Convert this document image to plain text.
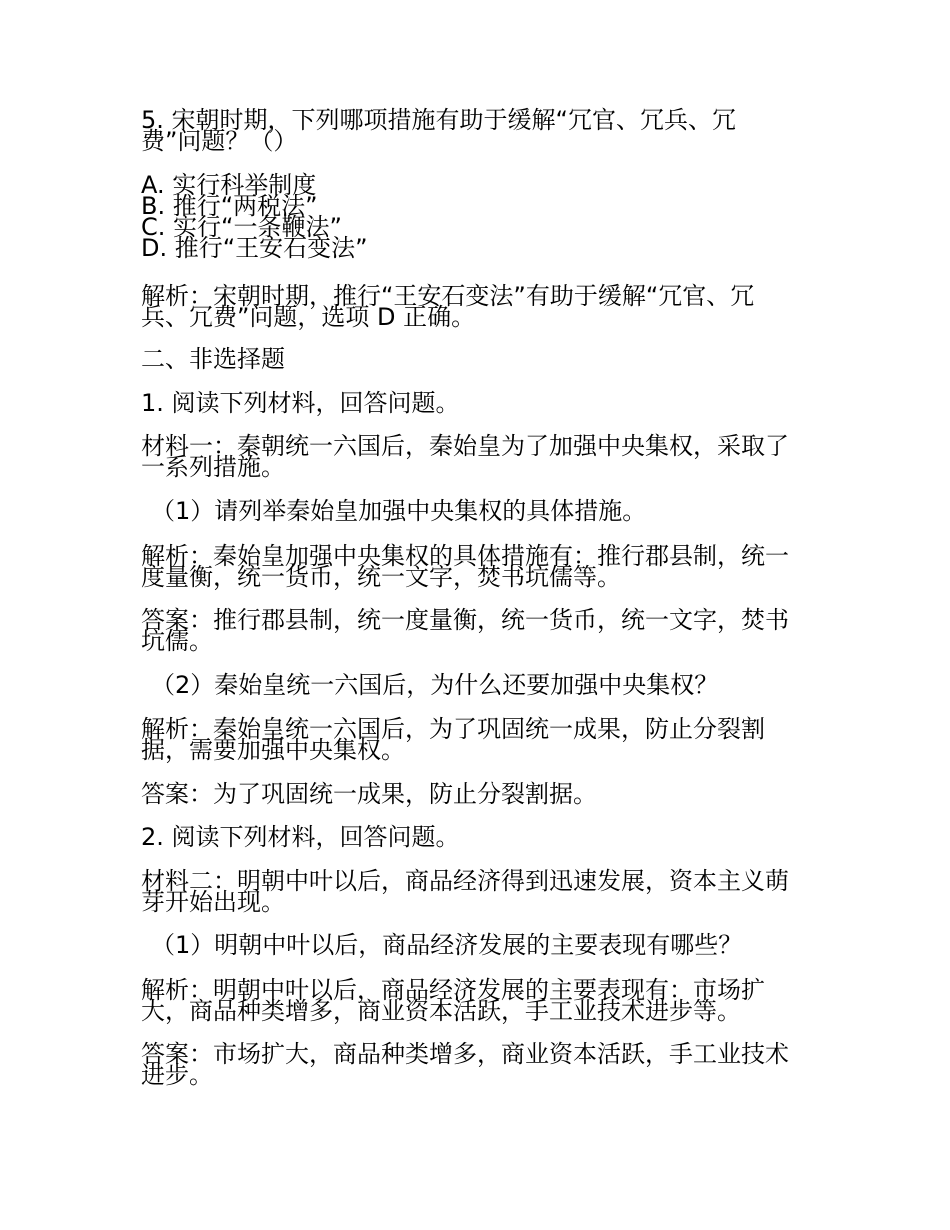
5. 宋朝时期，下列哪项措施有助于缓解“冗官、冗兵、冗
费”问题？（）
A. 实行科举制度
B. 推行“两税法”
C. 实行“一条鞭法”
D. 推行“王安石变法”
解析：宋朝时期，推行“王安石变法”有助于缓解“冗官、冗
兵、冗费”问题，选项 D 正确。
二、非选择题
1. 阅读下列材料，回答问题。
材料一：秦朝统一六国后，秦始皇为了加强中央集权，采取了
一系列措施。
（1）请列举秦始皇加强中央集权的具体措施。
解析：秦始皇加强中央集权的具体措施有：推行郡县制，统一
度量衡，统一货币，统一文字，焚书坑儒等。
答案：推行郡县制，统一度量衡，统一货币，统一文字，焚书
坑儒。
（2）秦始皇统一六国后，为什么还要加强中央集权？
解析：秦始皇统一六国后，为了巩固统一成果，防止分裂割
据，需要加强中央集权。
答案：为了巩固统一成果，防止分裂割据。
2. 阅读下列材料，回答问题。
材料二：明朝中叶以后，商品经济得到迅速发展，资本主义萌
芽开始出现。
（1）明朝中叶以后，商品经济发展的主要表现有哪些？
解析：明朝中叶以后，商品经济发展的主要表现有：市场扩
大，商品种类增多，商业资本活跃，手工业技术进步等。
答案：市场扩大，商品种类增多，商业资本活跃，手工业技术
进步。
